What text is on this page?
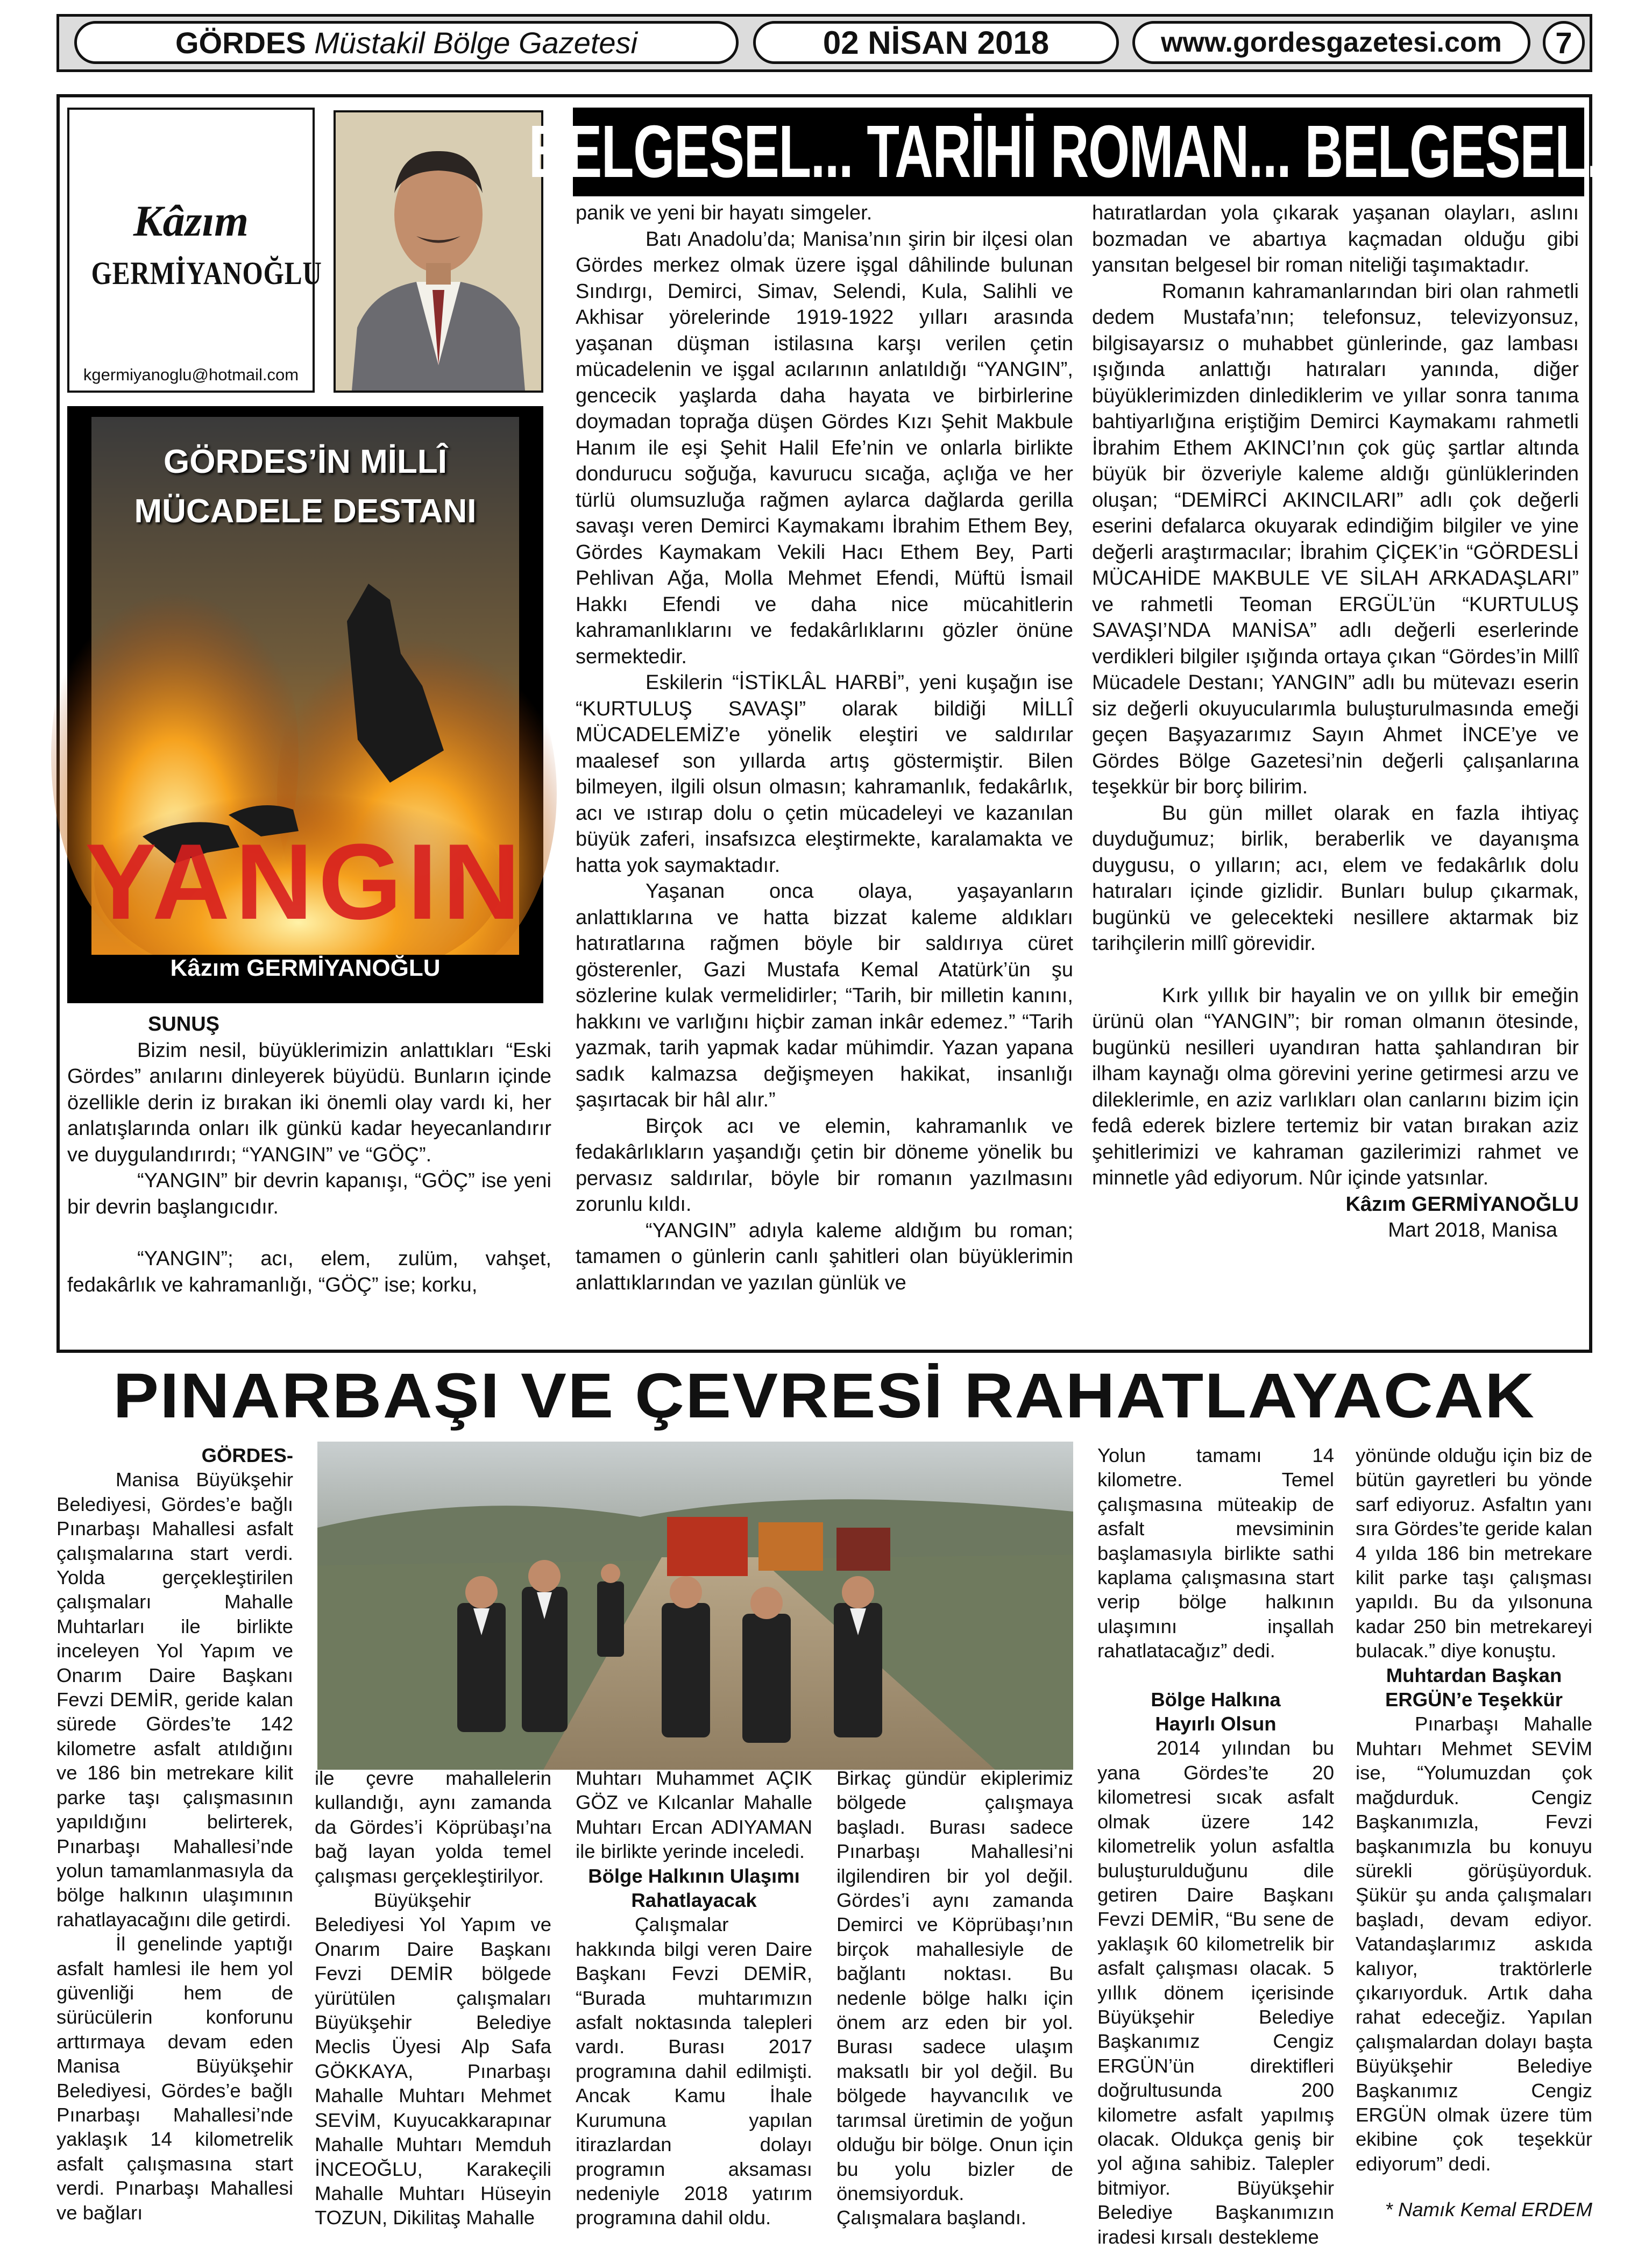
GÖRDES
Müstakil Bölge Gazetesi	02 NİSAN 2018	www.gordesgazetesi.com 7
Kâzım
GERMİYANOĞLU
kgermiyanoglu@hotmail.com
GÖRDES’İN MİLLÎ
MÜCADELE DESTANI
YANGIN
Kâzım GERMİYANOĞLU
BELGESEL... TARİHİ ROMAN... BELGESEL...
SUNUŞ

Bizim nesil, büyüklerimizin anlattıkları “Eski Gördes” anılarını dinleyerek büyüdü. Bunların içinde özellikle derin iz bırakan iki önemli olay vardı ki, her anlatışlarında onları ilk günkü kadar heyecanlandırır ve duygulandırırdı; “YANGIN” ve “GÖÇ”.

“YANGIN” bir devrin kapanışı, “GÖÇ” ise yeni bir devrin başlangıcıdır.

“YANGIN”; acı, elem, zulüm, vahşet, fedakârlık ve kahramanlığı, “GÖÇ” ise; korku,

panik ve yeni bir hayatı simgeler.

Batı Anadolu’da; Manisa’nın şirin bir ilçesi olan Gördes merkez olmak üzere işgal dâhilinde bulunan Sındırgı, Demirci, Simav, Selendi, Kula, Salihli ve Akhisar yörelerinde 1919-1922 yılları arasında yaşanan düşman istilasına karşı verilen çetin mücadelenin ve işgal acılarının anlatıldığı “YANGIN”, gencecik yaşlarda daha hayata ve birbirlerine doymadan toprağa düşen Gördes Kızı Şehit Makbule Hanım ile eşi Şehit Halil Efe’nin ve onlarla birlikte dondurucu soğuğa, kavurucu sıcağa, açlığa ve her türlü olumsuzluğa rağmen aylarca dağlarda gerilla savaşı veren Demirci Kaymakamı İbrahim Ethem Bey, Gördes Kaymakam Vekili Hacı Ethem Bey, Parti Pehlivan Ağa, Molla Mehmet Efendi, Müftü İsmail Hakkı Efendi ve daha nice mücahitlerin kahramanlıklarını ve fedakârlıklarını gözler önüne sermektedir.

Eskilerin “İSTİKLÂL HARBİ”, yeni kuşağın ise “KURTULUŞ SAVAŞI” olarak bildiği MİLLÎ MÜCADELEMİZ’e yönelik eleştiri ve saldırılar maalesef son yıllarda artış göstermiştir. Bilen bilmeyen, ilgili olsun olmasın; kahramanlık, fedakârlık, acı ve ıstırap dolu o çetin mücadeleyi ve kazanılan büyük zaferi, insafsızca eleştirmekte, karalamakta ve hatta yok saymaktadır.

Yaşanan onca olaya, yaşayanların anlattıklarına ve hatta bizzat kaleme aldıkları hatıratlarına rağmen böyle bir saldırıya cüret gösterenler, Gazi Mustafa Kemal Atatürk’ün şu sözlerine kulak vermelidirler; “Tarih, bir milletin kanını, hakkını ve varlığını hiçbir zaman inkâr edemez.” “Tarih yazmak, tarih yapmak kadar mühimdir. Yazan yapana sadık kalmazsa değişmeyen hakikat, insanlığı şaşırtacak bir hâl alır.”

Birçok acı ve elemin, kahramanlık ve fedakârlıkların yaşandığı çetin bir döneme yönelik bu pervasız saldırılar, böyle bir romanın yazılmasını zorunlu kıldı.

“YANGIN” adıyla kaleme aldığım bu roman; tamamen o günlerin canlı şahitleri olan büyüklerimin anlattıklarından ve yazılan günlük ve

hatıratlardan yola çıkarak yaşanan olayları, aslını bozmadan ve abartıya kaçmadan olduğu gibi yansıtan belgesel bir roman niteliği taşımaktadır.

Romanın kahramanlarından biri olan rahmetli dedem Mustafa’nın; telefonsuz, televizyonsuz, bilgisayarsız o muhabbet günlerinde, gaz lambası ışığında anlattığı hatıraları yanında, diğer büyüklerimizden dinlediklerim ve yıllar sonra tanıma bahtiyarlığına eriştiğim Demirci Kaymakamı rahmetli İbrahim Ethem AKINCI’nın çok güç şartlar altında büyük bir özveriyle kaleme aldığı günlüklerinden oluşan; “DEMİRCİ AKINCILARI” adlı çok değerli eserini defalarca okuyarak edindiğim bilgiler ve yine değerli araştırmacılar; İbrahim ÇİÇEK’in “GÖRDESLİ MÜCAHİDE MAKBULE VE SİLAH ARKADAŞLARI” ve rahmetli Teoman ERGÜL’ün “KURTULUŞ SAVAŞI’NDA MANİSA” adlı değerli eserlerinde verdikleri bilgiler ışığında ortaya çıkan “Gördes’in Millî Mücadele Destanı; YANGIN” adlı bu mütevazı eserin siz değerli okuyucularımla buluşturulmasında emeği geçen Başyazarımız Sayın Ahmet İNCE’ye ve Gördes Bölge Gazetesi’nin değerli çalışanlarına teşekkür bir borç bilirim.

Bu gün millet olarak en fazla ihtiyaç duyduğumuz; birlik, beraberlik ve dayanışma duygusu, o yılların; acı, elem ve fedakârlık dolu hatıraları içinde gizlidir. Bunları bulup çıkarmak, bugünkü ve gelecekteki nesillere aktarmak biz tarihçilerin millî görevidir.

Kırk yıllık bir hayalin ve on yıllık bir emeğin ürünü olan “YANGIN”; bir roman olmanın ötesinde, bugünkü nesilleri uyandıran hatta şahlandıran bir ilham kaynağı olma görevini yerine getirmesi arzu ve dileklerimle, en aziz varlıkları olan canlarını bizim için fedâ ederek bizlere tertemiz bir vatan bırakan aziz şehitlerimizi ve kahraman gazilerimizi rahmet ve minnetle yâd ediyorum. Nûr içinde yatsınlar.

Kâzım GERMİYANOĞLU
Mart 2018, Manisa
PINARBAŞI VE ÇEVRESİ RAHATLAYACAK
GÖRDES-

Manisa Büyükşehir Belediyesi, Gördes’e bağlı Pınarbaşı Mahallesi asfalt çalışmalarına start verdi. Yolda gerçekleştirilen çalışmaları Mahalle Muhtarları ile birlikte inceleyen Yol Yapım ve Onarım Daire Başkanı Fevzi DEMİR, geride kalan sürede Gördes’te 142 kilometre asfalt atıldığını ve 186 bin metrekare kilit parke taşı çalışmasının yapıldığını belirterek, Pınarbaşı Mahallesi’nde yolun tamamlanmasıyla da bölge halkının ulaşımının rahatlayacağını dile getirdi.

İl genelinde yaptığı asfalt hamlesi ile hem yol güvenliği hem de sürücülerin konforunu arttırmaya devam eden Manisa Büyükşehir Belediyesi, Gördes’e bağlı Pınarbaşı Mahallesi’nde yaklaşık 14 kilometrelik asfalt çalışmasına start verdi. Pınarbaşı Mahallesi ve bağları

ile çevre mahallelerin kullandığı, aynı zamanda da Gördes’i Köprübaşı’na bağ layan yolda temel çalışması gerçekleştirilyor.

Büyükşehir Belediyesi Yol Yapım ve Onarım Daire Başkanı Fevzi DEMİR bölgede yürütülen çalışmaları Büyükşehir Belediye Meclis Üyesi Alp Safa GÖKKAYA, Pınarbaşı Mahalle Muhtarı Mehmet SEVİM, Kuyucakkarapınar Mahalle Muhtarı Memduh İNCEOĞLU, Karakeçili Mahalle Muhtarı Hüseyin TOZUN, Dikilitaş Mahalle

Muhtarı Muhammet AÇIK GÖZ ve Kılcanlar Mahalle Muhtarı Ercan ADIYAMAN ile birlikte yerinde inceledi.

Bölge Halkının Ulaşımı
Rahatlayacak

Çalışmalar hakkında bilgi veren Daire Başkanı Fevzi DEMİR, “Burada muhtarımızın asfalt noktasında talepleri vardı. Burası 2017 programına dahil edilmişti. Ancak Kamu İhale Kurumuna yapılan itirazlardan dolayı programın aksaması nedeniyle 2018 yatırım programına dahil oldu.

Birkaç gündür ekiplerimiz bölgede çalışmaya başladı. Burası sadece Pınarbaşı Mahallesi’ni ilgilendiren bir yol değil. Gördes’i aynı zamanda Demirci ve Köprübaşı’nın birçok mahallesiyle de bağlantı noktası. Bu nedenle bölge halkı için önem arz eden bir yol. Burası sadece ulaşım maksatlı bir yol değil. Bu bölgede hayvancılık ve tarımsal üretimin de yoğun olduğu bir bölge. Onun için bu yolu bizler de önemsiyorduk. Çalışmalara başlandı.

Yolun tamamı 14 kilometre. Temel çalışmasına müteakip de asfalt mevsiminin başlamasıyla birlikte sathi kaplama çalışmasına start verip bölge halkının ulaşımını inşallah rahatlatacağız” dedi.

Bölge Halkına
Hayırlı Olsun

2014 yılından bu yana Gördes’te 20 kilometresi sıcak asfalt olmak üzere 142 kilometrelik yolun asfaltla buluşturulduğunu dile getiren Daire Başkanı Fevzi DEMİR, “Bu sene de yaklaşık 60 kilometrelik bir asfalt çalışması olacak. 5 yıllık dönem içerisinde Büyükşehir Belediye Başkanımız Cengiz ERGÜN’ün direktifleri doğrultusunda 200 kilometre asfalt yapılmış olacak. Oldukça geniş bir yol ağına sahibiz. Talepler bitmiyor. Büyükşehir Belediye Başkanımızın iradesi kırsalı destekleme

yönünde olduğu için biz de bütün gayretleri bu yönde sarf ediyoruz. Asfaltın yanı sıra Gördes’te geride kalan 4 yılda 186 bin metrekare kilit parke taşı çalışması yapıldı. Bu da yılsonuna kadar 250 bin metrekareyi bulacak.” diye konuştu.

Muhtardan Başkan
ERGÜN’e Teşekkür

Pınarbaşı Mahalle Muhtarı Mehmet SEVİM ise, “Yolumuzdan çok mağdurduk. Cengiz Başkanımızla, Fevzi başkanımızla bu konuyu sürekli görüşüyorduk. Şükür şu anda çalışmaları başladı, devam ediyor. Vatandaşlarımız askıda kalıyor, traktörlerle çıkarıyorduk. Artık daha rahat edeceğiz. Yapılan çalışmalardan dolayı başta Büyükşehir Belediye Başkanımız Cengiz ERGÜN olmak üzere tüm ekibine çok teşekkür ediyorum” dedi.

* Namık Kemal ERDEM
